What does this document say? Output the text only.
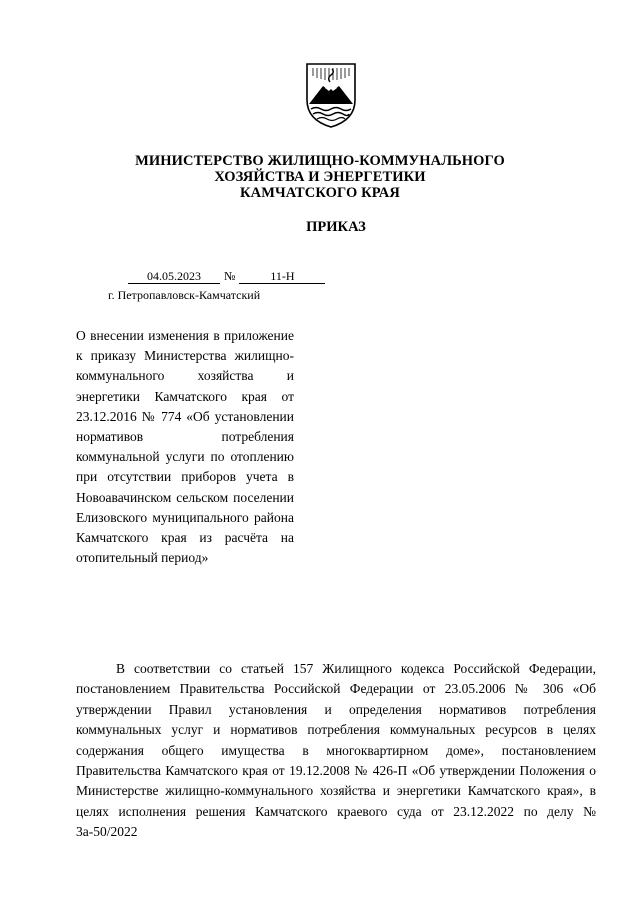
МИНИСТЕРСТВО ЖИЛИЩНО-КОММУНАЛЬНОГО
ХОЗЯЙСТВА И ЭНЕРГЕТИКИ
КАМЧАТСКОГО КРАЯ
ПРИКАЗ
04.05.2023 №	11-Н
г. Петропавловск-Камчатский
О внесении изменения в приложение к приказу Министерства жилищно-коммунального хозяйства и энергетики Камчатского края от 23.12.2016 № 774 «Об установлении нормативов потребления коммунальной услуги по отоплению при отсутствии приборов учета в Новоавачинском сельском поселении Елизовского муниципального района Камчатского края из расчёта на отопительный период»

В соответствии со статьей 157 Жилищного кодекса Российской Федерации, постановлением Правительства Российской Федерации от 23.05.2006 № 306 «Об утверждении Правил установления и определения нормативов потребления коммунальных услуг и нормативов потребления коммунальных ресурсов в целях содержания общего имущества в многоквартирном доме», постановлением Правительства Камчатского края от 19.12.2008 № 426-П «Об утверждении Положения о Министерстве жилищно-коммунального хозяйства и энергетики Камчатского края», в целях исполнения решения Камчатского краевого суда от 23.12.2022 по делу № 3а-50/2022
